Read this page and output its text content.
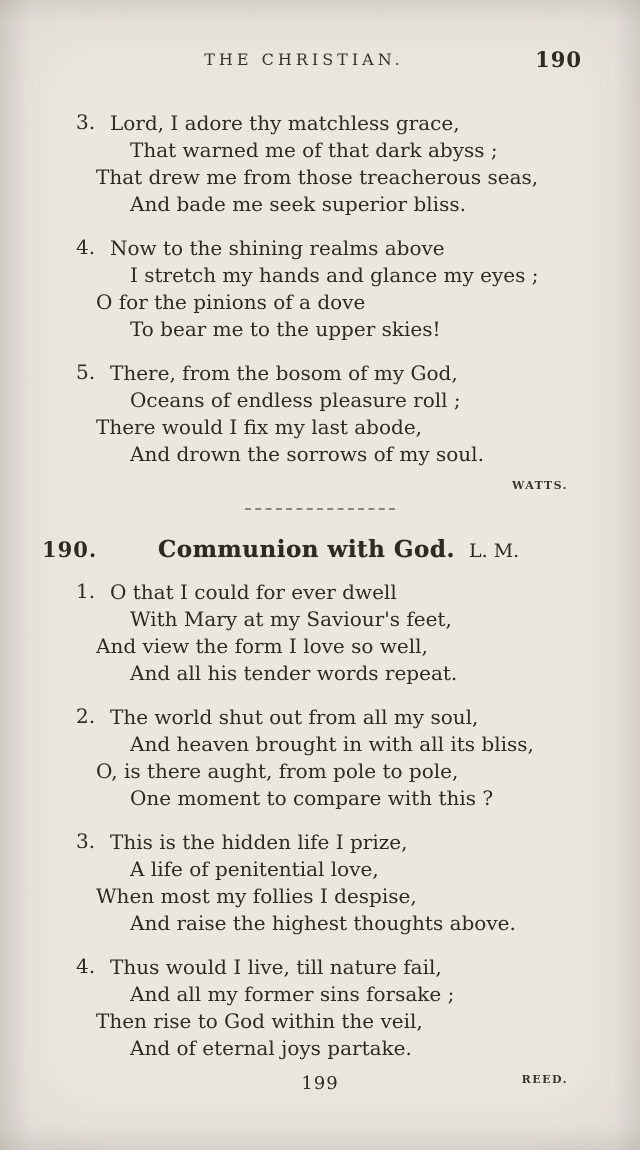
THE CHRISTIAN.	190
3. Lord, I adore thy matchless grace,
That warned me of that dark abyss ;
That drew me from those treacherous seas,
And bade me seek superior bliss.
4. Now to the shining realms above
I stretch my hands and glance my eyes ;
O for the pinions of a dove
To bear me to the upper skies!
5. There, from the bosom of my God,
Oceans of endless pleasure roll ;
There would I fix my last abode,
And drown the sorrows of my soul.
WATTS.
190.	Communion with God. L. M.
1. O that I could for ever dwell
With Mary at my Saviour's feet,
And view the form I love so well,
And all his tender words repeat.
2. The world shut out from all my soul,
And heaven brought in with all its bliss,
O, is there aught, from pole to pole,
One moment to compare with this ?
3. This is the hidden life I prize,
A life of penitential love,
When most my follies I despise,
And raise the highest thoughts above.
4. Thus would I live, till nature fail,
And all my former sins forsake ;
Then rise to God within the veil,
And of eternal joys partake.
REED.
199
